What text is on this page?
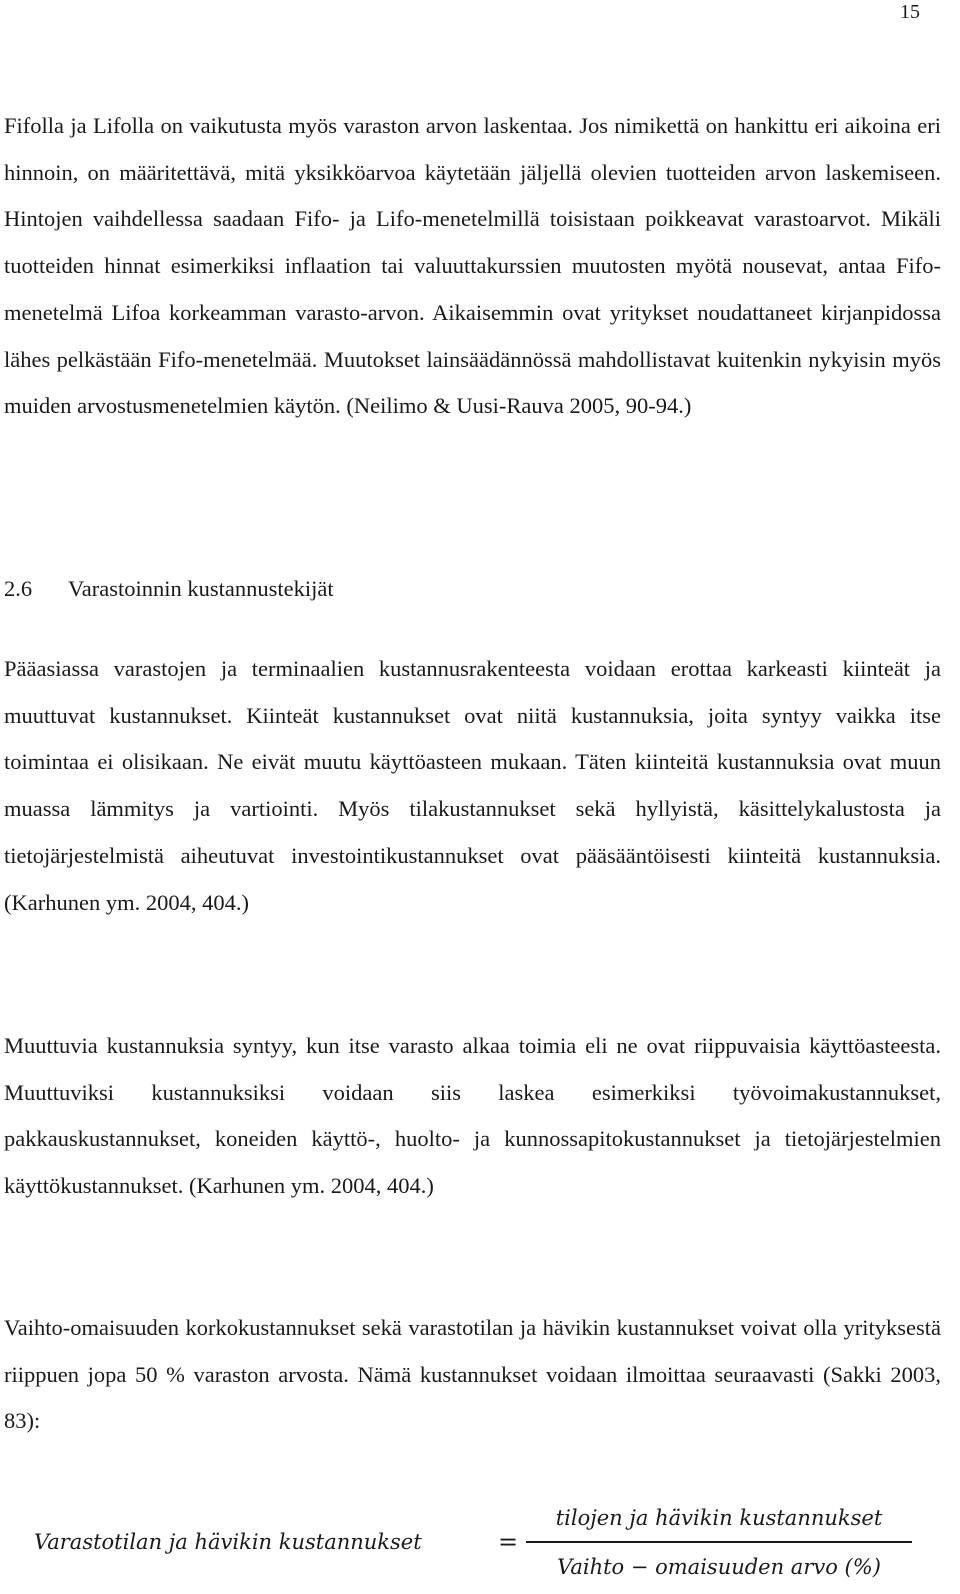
15

Fifolla ja Lifolla on vaikutusta myös varaston arvon laskentaa. Jos nimikettä on hankittu eri aikoina eri hinnoin, on määritettävä, mitä yksikköarvoa käytetään jäljellä olevien tuotteiden arvon laskemiseen. Hintojen vaihdellessa saadaan Fifo- ja Lifo-menetelmillä toisistaan poikkeavat varastoarvot. Mikäli tuotteiden hinnat esimerkiksi inflaation tai valuuttakurssien muutosten myötä nousevat, antaa Fifo-menetelmä Lifoa korkeamman varasto-arvon. Aikaisemmin ovat yritykset noudattaneet kirjanpidossa lähes pelkästään Fifo-menetelmää. Muutokset lainsäädännössä mahdollistavat kuitenkin nykyisin myös muiden arvostusmenetelmien käytön. (Neilimo & Uusi-Rauva 2005, 90-94.)

2.6 Varastoinnin kustannustekijät

Pääasiassa varastojen ja terminaalien kustannusrakenteesta voidaan erottaa karkeasti kiinteät ja muuttuvat kustannukset. Kiinteät kustannukset ovat niitä kustannuksia, joita syntyy vaikka itse toimintaa ei olisikaan. Ne eivät muutu käyttöasteen mukaan. Täten kiinteitä kustannuksia ovat muun muassa lämmitys ja vartiointi. Myös tilakustannukset sekä hyllyistä, käsittelykalustosta ja tietojärjestelmistä aiheutuvat investointikustannukset ovat pääsääntöisesti kiinteitä kustannuksia. (Karhunen ym. 2004, 404.)

Muuttuvia kustannuksia syntyy, kun itse varasto alkaa toimia eli ne ovat riippuvaisia käyttöasteesta. Muuttuviksi kustannuksiksi voidaan siis laskea esimerkiksi työvoimakustannukset, pakkauskustannukset, koneiden käyttö-, huolto- ja kunnossapitokustannukset ja tietojärjestelmien käyttökustannukset. (Karhunen ym. 2004, 404.)

Vaihto-omaisuuden korkokustannukset sekä varastotilan ja hävikin kustannukset voivat olla yrityksestä riippuen jopa 50 % varaston arvosta. Nämä kustannukset voidaan ilmoittaa seuraavasti (Sakki 2003, 83):

Varastotilan ja hävikin kustannukset	=
tilojen ja hävikin kustannukset
Vaihto − omaisuuden arvo (%)
